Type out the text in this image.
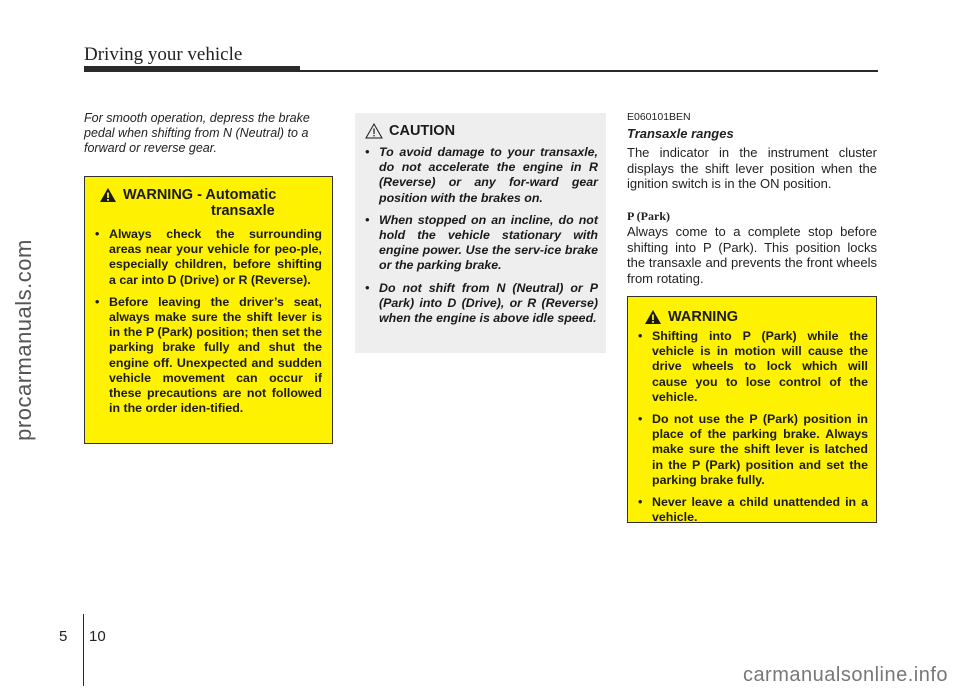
Driving your vehicle
procarmanuals.com
carmanualsonline.info
For smooth operation, depress the brake pedal when shifting from N (Neutral) to a forward or reverse gear.
WARNING - Automatic
transaxle
• Always check the surrounding areas near your vehicle for peo-ple, especially children, before shifting a car into D (Drive) or R (Reverse).
• Before leaving the driver’s seat, always make sure the shift lever is in the P (Park) position; then set the parking brake fully and shut the engine off. Unexpected and sudden vehicle movement can occur if these precautions are not followed in the order iden-tified.
CAUTION
• To avoid damage to your transaxle, do not accelerate the engine in R (Reverse) or any for-ward gear position with the brakes on.
• When stopped on an incline, do not hold the vehicle stationary with engine power. Use the serv-ice brake or the parking brake.
• Do not shift from N (Neutral) or P (Park) into D (Drive), or R (Reverse) when the engine is above idle speed.
E060101BEN
Transaxle ranges
The indicator in the instrument cluster displays the shift lever position when the ignition switch is in the ON position.
P (Park)
Always come to a complete stop before shifting into P (Park). This position locks the transaxle and prevents the front wheels from rotating.
WARNING
• Shifting into P (Park) while the vehicle is in motion will cause the drive wheels to lock which will cause you to lose control of the vehicle.
• Do not use the P (Park) position in place of the parking brake. Always make sure the shift lever is latched in the P (Park) position and set the parking brake fully.
• Never leave a child unattended in a vehicle.
5 10
